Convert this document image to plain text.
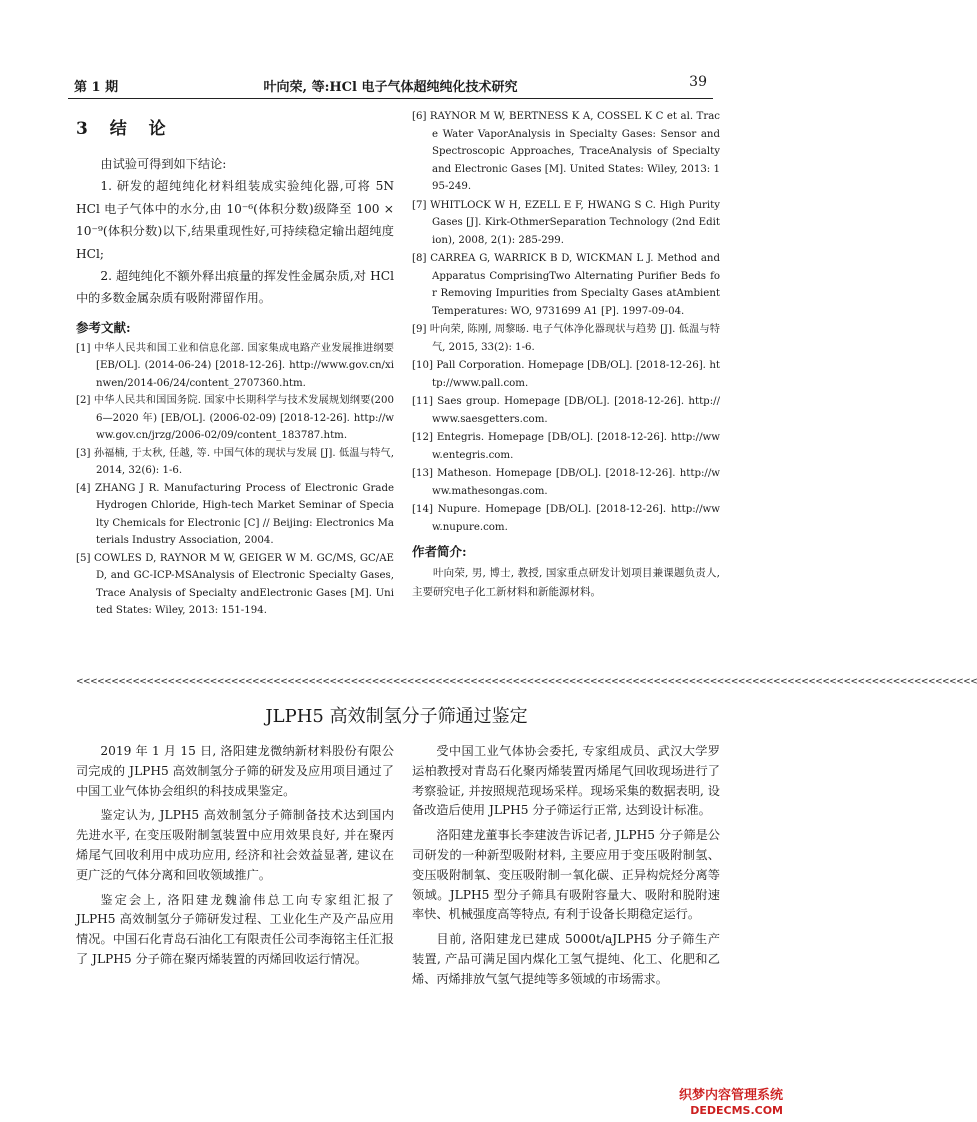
第 1 期	叶向荣, 等:HCl 电子气体超纯纯化技术研究	39
3 结 论

由试验可得到如下结论:

1. 研发的超纯纯化材料组装成实验纯化器,可将 5N HCl 电子气体中的水分,由 10⁻⁶(体积分数)级降至 100 × 10⁻⁹(体积分数)以下,结果重现性好,可持续稳定输出超纯度 HCl;

2. 超纯纯化不额外释出痕量的挥发性金属杂质,对 HCl 中的多数金属杂质有吸附滞留作用。

参考文献:

[1] 中华人民共和国工业和信息化部. 国家集成电路产业发展推进纲要 [EB/OL]. (2014-06-24) [2018-12-26]. http://www.gov.cn/xinwen/2014-06/24/content_2707360.htm.

[2] 中华人民共和国国务院. 国家中长期科学与技术发展规划纲要(2006—2020 年) [EB/OL]. (2006-02-09) [2018-12-26]. http://www.gov.cn/jrzg/2006-02/09/content_183787.htm.

[3] 孙福楠, 于太秋, 任越, 等. 中国气体的现状与发展 [J]. 低温与特气, 2014, 32(6): 1-6.

[4] ZHANG J R. Manufacturing Process of Electronic Grade Hydrogen Chloride, High-tech Market Seminar of Specialty Chemicals for Electronic [C] // Beijing: Electronics Materials Industry Association, 2004.

[5] COWLES D, RAYNOR M W, GEIGER W M. GC/MS, GC/AED, and GC-ICP-MSAnalysis of Electronic Specialty Gases, Trace Analysis of Specialty andElectronic Gases [M]. United States: Wiley, 2013: 151-194.

[6] RAYNOR M W, BERTNESS K A, COSSEL K C et al. Trace Water VaporAnalysis in Specialty Gases: Sensor and Spectroscopic Approaches, TraceAnalysis of Specialty and Electronic Gases [M]. United States: Wiley, 2013: 195-249.

[7] WHITLOCK W H, EZELL E F, HWANG S C. High Purity Gases [J]. Kirk-OthmerSeparation Technology (2nd Edition), 2008, 2(1): 285-299.

[8] CARREA G, WARRICK B D, WICKMAN L J. Method and Apparatus ComprisingTwo Alternating Purifier Beds for Removing Impurities from Specialty Gases atAmbient Temperatures: WO, 9731699 A1 [P]. 1997-09-04.

[9] 叶向荣, 陈刚, 周黎旸. 电子气体净化器现状与趋势 [J]. 低温与特气, 2015, 33(2): 1-6.

[10] Pall Corporation. Homepage [DB/OL]. [2018-12-26]. http://www.pall.com.

[11] Saes group. Homepage [DB/OL]. [2018-12-26]. http://www.saesgetters.com.

[12] Entegris. Homepage [DB/OL]. [2018-12-26]. http://www.entegris.com.

[13] Matheson. Homepage [DB/OL]. [2018-12-26]. http://www.mathesongas.com.

[14] Nupure. Homepage [DB/OL]. [2018-12-26]. http://www.nupure.com.

作者简介:

叶向荣, 男, 博士, 教授, 国家重点研发计划项目兼课题负责人, 主要研究电子化工新材料和新能源材料。

<<<<<<<<<<<<<<<<<<<<<<<<<<<<<<<<<<<<<<<<<<<<<<<<<<<<<<<<<<<<<<<<<<<<<<<<<<<<<<<<<<<<<<<<<<<<<<<<<<<<<<<<<<<<<<<<<<<<<<<<<<<<<<<<
JLPH5 高效制氢分子筛通过鉴定

2019 年 1 月 15 日, 洛阳建龙微纳新材料股份有限公司完成的 JLPH5 高效制氢分子筛的研发及应用项目通过了中国工业气体协会组织的科技成果鉴定。

鉴定认为, JLPH5 高效制氢分子筛制备技术达到国内先进水平, 在变压吸附制氢装置中应用效果良好, 并在聚丙烯尾气回收利用中成功应用, 经济和社会效益显著, 建议在更广泛的气体分离和回收领域推广。

鉴定会上, 洛阳建龙魏渝伟总工向专家组汇报了 JLPH5 高效制氢分子筛研发过程、工业化生产及产品应用情况。中国石化青岛石油化工有限责任公司李海铭主任汇报了 JLPH5 分子筛在聚丙烯装置的丙烯回收运行情况。

受中国工业气体协会委托, 专家组成员、武汉大学罗运柏教授对青岛石化聚丙烯装置丙烯尾气回收现场进行了考察验证, 并按照规范现场采样。现场采集的数据表明, 设备改造后使用 JLPH5 分子筛运行正常, 达到设计标准。

洛阳建龙董事长李建波告诉记者, JLPH5 分子筛是公司研发的一种新型吸附材料, 主要应用于变压吸附制氢、变压吸附制氧、变压吸附制一氧化碳、正异构烷烃分离等领域。JLPH5 型分子筛具有吸附容量大、吸附和脱附速率快、机械强度高等特点, 有利于设备长期稳定运行。

目前, 洛阳建龙已建成 5000t/aJLPH5 分子筛生产装置, 产品可满足国内煤化工氢气提纯、化工、化肥和乙烯、丙烯排放气氢气提纯等多领域的市场需求。

织梦内容管理系统
DEDECMS.COM
